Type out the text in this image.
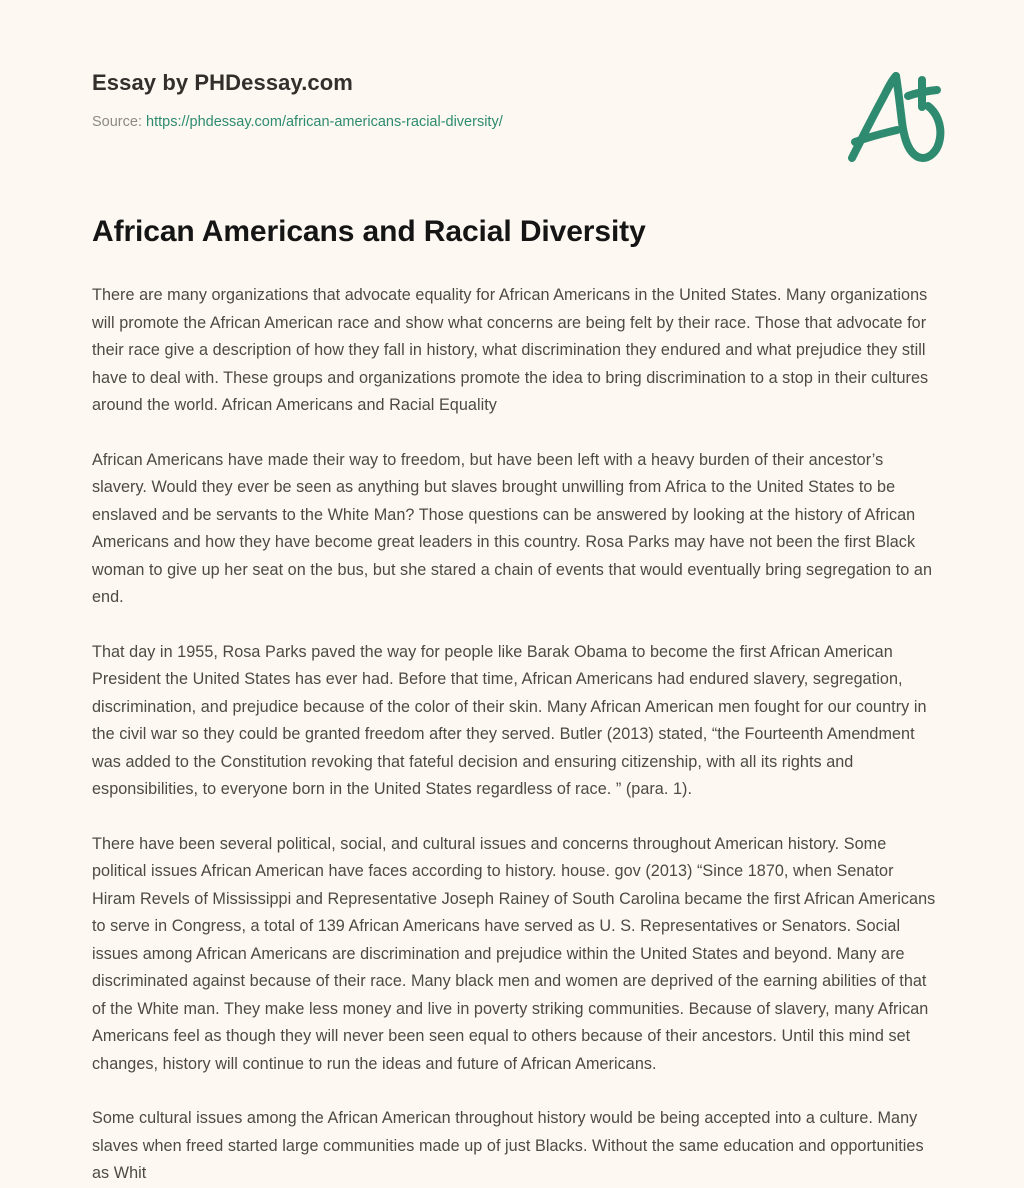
Essay by PHDessay.com
Source: https://phdessay.com/african-americans-racial-diversity/
African Americans and Racial Diversity

There are many organizations that advocate equality for African Americans in the United States. Many organizations will promote the African American race and show what concerns are being felt by their race. Those that advocate for their race give a description of how they fall in history, what discrimination they endured and what prejudice they still have to deal with. These groups and organizations promote the idea to bring discrimination to a stop in their cultures around the world. African Americans and Racial Equality

African Americans have made their way to freedom, but have been left with a heavy burden of their ancestor’s slavery. Would they ever be seen as anything but slaves brought unwilling from Africa to the United States to be enslaved and be servants to the White Man? Those questions can be answered by looking at the history of African Americans and how they have become great leaders in this country. Rosa Parks may have not been the first Black woman to give up her seat on the bus, but she stared a chain of events that would eventually bring segregation to an end.

That day in 1955, Rosa Parks paved the way for people like Barak Obama to become the first African American President the United States has ever had. Before that time, African Americans had endured slavery, segregation, discrimination, and prejudice because of the color of their skin. Many African American men fought for our country in the civil war so they could be granted freedom after they served. Butler (2013) stated, “the Fourteenth Amendment was added to the Constitution revoking that fateful decision and ensuring citizenship, with all its rights and esponsibilities, to everyone born in the United States regardless of race. ” (para. 1).

There have been several political, social, and cultural issues and concerns throughout American history. Some political issues African American have faces according to history. house. gov (2013) “Since 1870, when Senator Hiram Revels of Mississippi and Representative Joseph Rainey of South Carolina became the first African Americans to serve in Congress, a total of 139 African Americans have served as U. S. Representatives or Senators. Social issues among African Americans are discrimination and prejudice within the United States and beyond. Many are discriminated against because of their race. Many black men and women are deprived of the earning abilities of that of the White man. They make less money and live in poverty striking communities. Because of slavery, many African Americans feel as though they will never been seen equal to others because of their ancestors. Until this mind set changes, history will continue to run the ideas and future of African Americans.

Some cultural issues among the African American throughout history would be being accepted into a culture. Many slaves when freed started large communities made up of just Blacks. Without the same education and opportunities as Whit
